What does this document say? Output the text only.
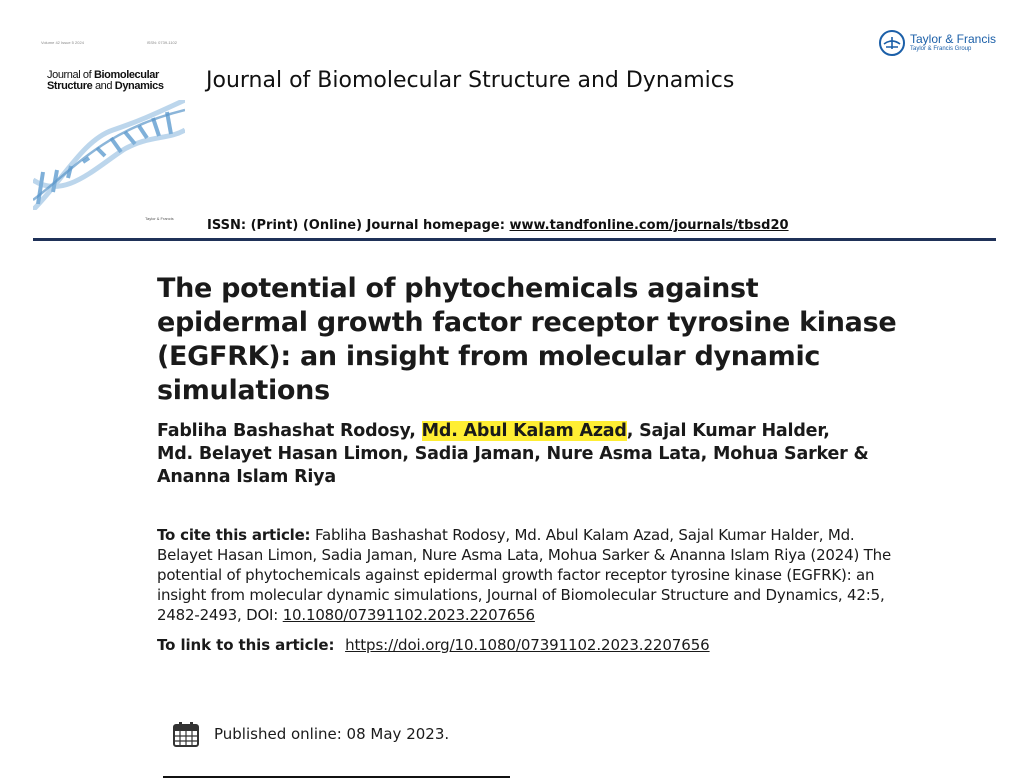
Volume 42 Issue 5 2024	ISSN: 0739-1102
Journal of Biomolecular
Structure and Dynamics
Taylor & Francis
Journal of Biomolecular Structure and Dynamics
ISSN: (Print) (Online) Journal homepage: www.tandfonline.com/journals/tbsd20
Taylor & Francis
Taylor & Francis Group
The potential of phytochemicals against epidermal growth factor receptor tyrosine kinase (EGFRK): an insight from molecular dynamic simulations
Fabliha Bashashat Rodosy, Md. Abul Kalam Azad, Sajal Kumar Halder,
Md. Belayet Hasan Limon, Sadia Jaman, Nure Asma Lata, Mohua Sarker &
Ananna Islam Riya
To cite this article: Fabliha Bashashat Rodosy, Md. Abul Kalam Azad, Sajal Kumar Halder, Md. Belayet Hasan Limon, Sadia Jaman, Nure Asma Lata, Mohua Sarker & Ananna Islam Riya (2024) The potential of phytochemicals against epidermal growth factor receptor tyrosine kinase (EGFRK): an insight from molecular dynamic simulations, Journal of Biomolecular Structure and Dynamics, 42:5, 2482-2493, DOI: 10.1080/07391102.2023.2207656
To link to this article: https://doi.org/10.1080/07391102.2023.2207656
Published online: 08 May 2023.
